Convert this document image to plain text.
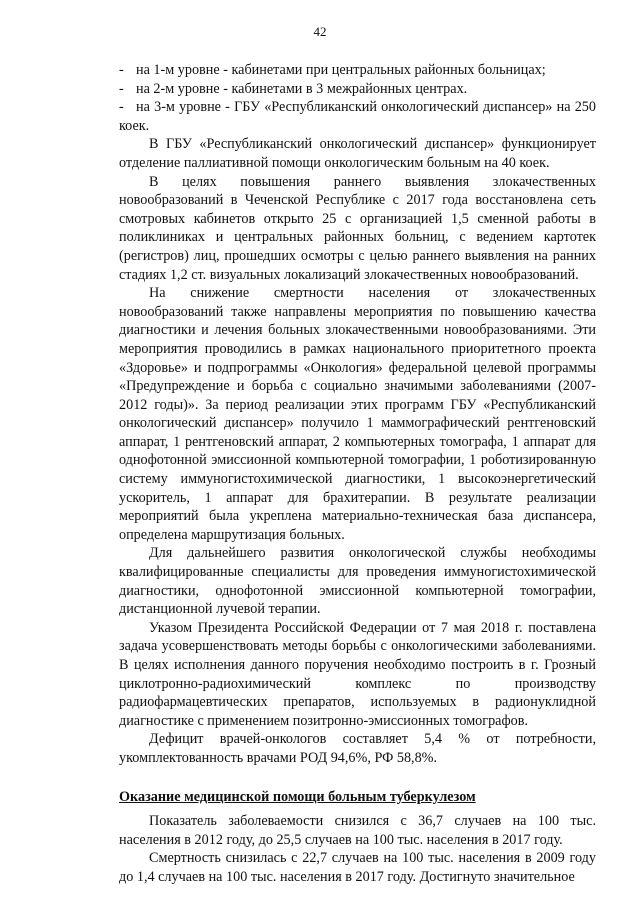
42

- на 1-м уровне - кабинетами при центральных районных больницах;

- на 2-м уровне - кабинетами в 3 межрайонных центрах.

- на 3-м уровне - ГБУ «Республиканский онкологический диспансер» на 250 коек.

В ГБУ «Республиканский онкологический диспансер» функционирует отделение паллиативной помощи онкологическим больным на 40 коек.

В целях повышения раннего выявления злокачественных новообразований в Чеченской Республике с 2017 года восстановлена сеть смотровых кабинетов открыто 25 с организацией 1,5 сменной работы в поликлиниках и центральных районных больниц, с ведением картотек (регистров) лиц, прошедших осмотры с целью раннего выявления на ранних стадиях 1,2 ст. визуальных локализаций злокачественных новообразований.

На снижение смертности населения от злокачественных новообразований также направлены мероприятия по повышению качества диагностики и лечения больных злокачественными новообразованиями. Эти мероприятия проводились в рамках национального приоритетного проекта «Здоровье» и подпрограммы «Онкология» федеральной целевой программы «Предупреждение и борьба с социально значимыми заболеваниями (2007-2012 годы)». За период реализации этих программ ГБУ «Республиканский онкологический диспансер» получило 1 маммографический рентгеновский аппарат, 1 рентгеновский аппарат, 2 компьютерных томографа, 1 аппарат для однофотонной эмиссионной компьютерной томографии, 1 роботизированную систему иммуногистохимической диагностики, 1 высокоэнергетический ускоритель, 1 аппарат для брахитерапии. В результате реализации мероприятий была укреплена материально-техническая база диспансера, определена маршрутизация больных.

Для дальнейшего развития онкологической службы необходимы квалифицированные специалисты для проведения иммуногистохимической диагностики, однофотонной эмиссионной компьютерной томографии, дистанционной лучевой терапии.

Указом Президента Российской Федерации от 7 мая 2018 г. поставлена задача усовершенствовать методы борьбы с онкологическими заболеваниями. В целях исполнения данного поручения необходимо построить в г. Грозный циклотронно-радиохимический комплекс по производству радиофармацевтических препаратов, используемых в радионуклидной диагностике с применением позитронно-эмиссионных томографов.

Дефицит врачей-онкологов составляет 5,4 % от потребности, укомплектованность врачами РОД 94,6%, РФ 58,8%.

Оказание медицинской помощи больным туберкулезом

Показатель заболеваемости снизился с 36,7 случаев на 100 тыс. населения в 2012 году, до 25,5 случаев на 100 тыс. населения в 2017 году.

Смертность снизилась с 22,7 случаев на 100 тыс. населения в 2009 году до 1,4 случаев на 100 тыс. населения в 2017 году. Достигнуто значительное
